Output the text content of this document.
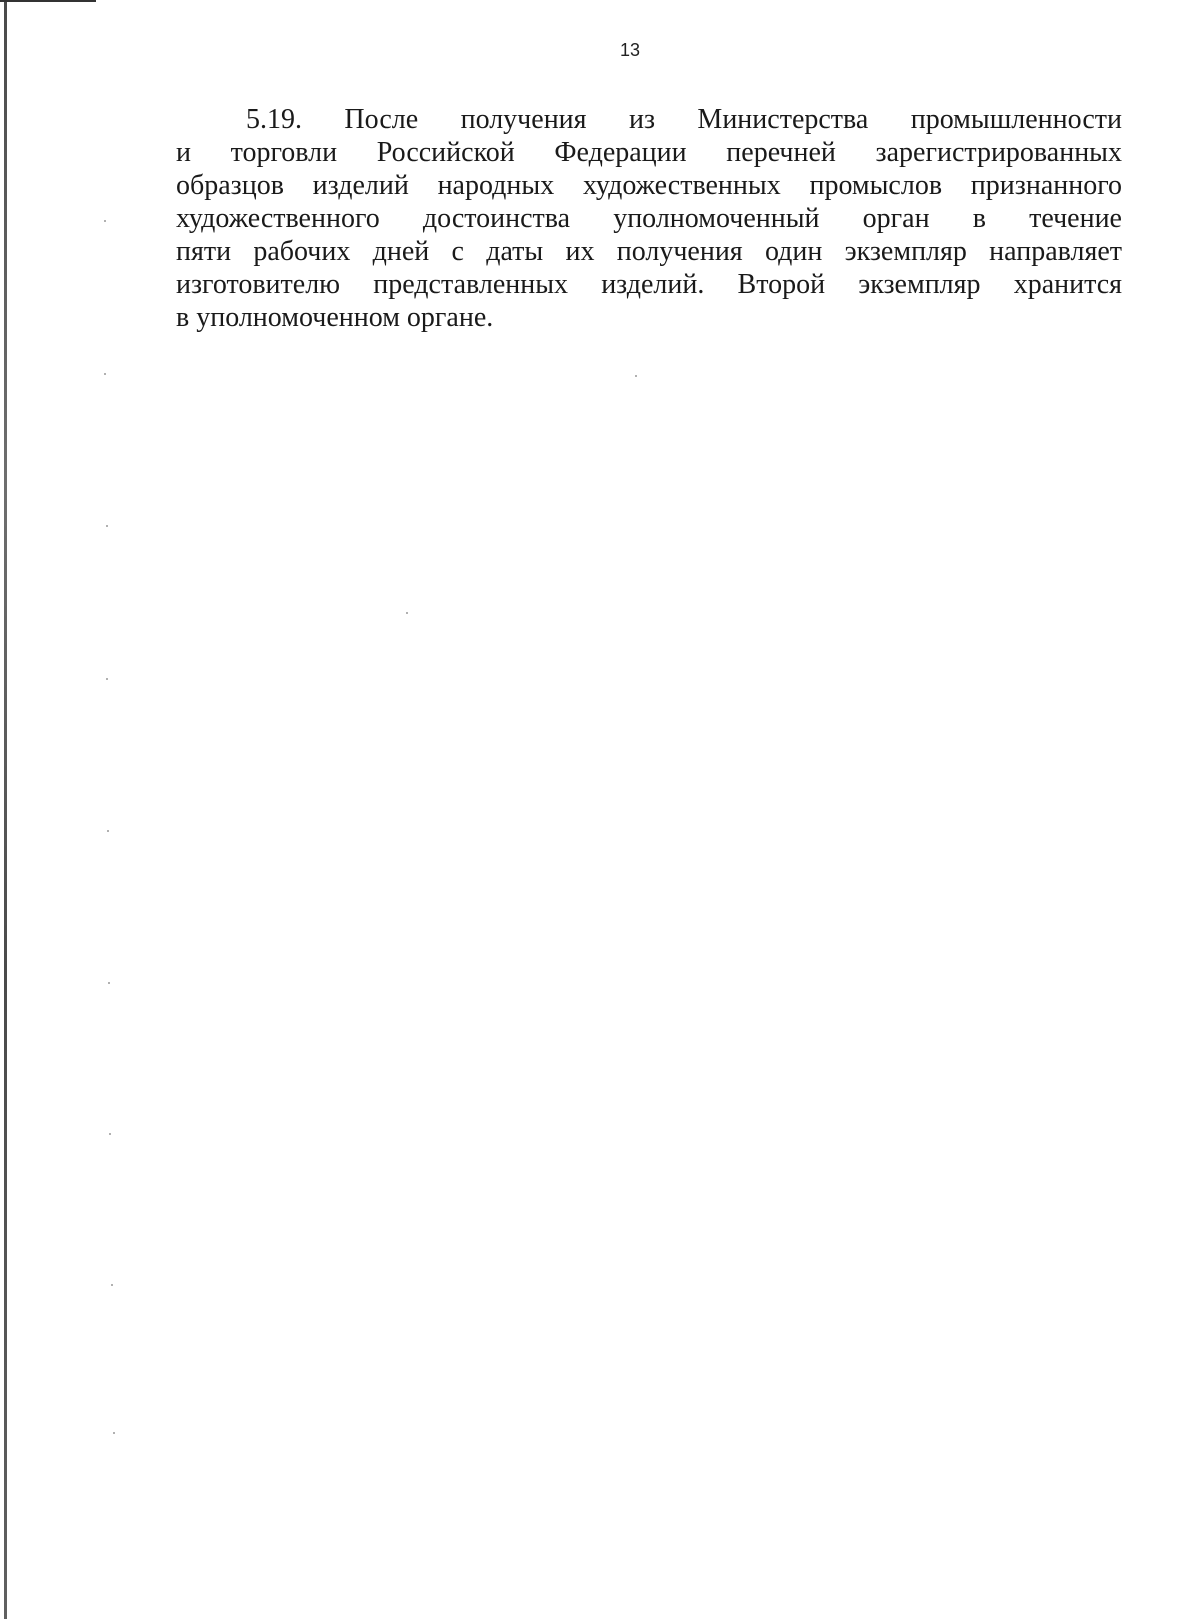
13
5.19. После получения из Министерства промышленности
и торговли Российской Федерации перечней зарегистрированных
образцов изделий народных художественных промыслов признанного
художественного достоинства уполномоченный орган в течение
пяти рабочих дней с даты их получения один экземпляр направляет
изготовителю представленных изделий. Второй экземпляр хранится
в уполномоченном органе.
